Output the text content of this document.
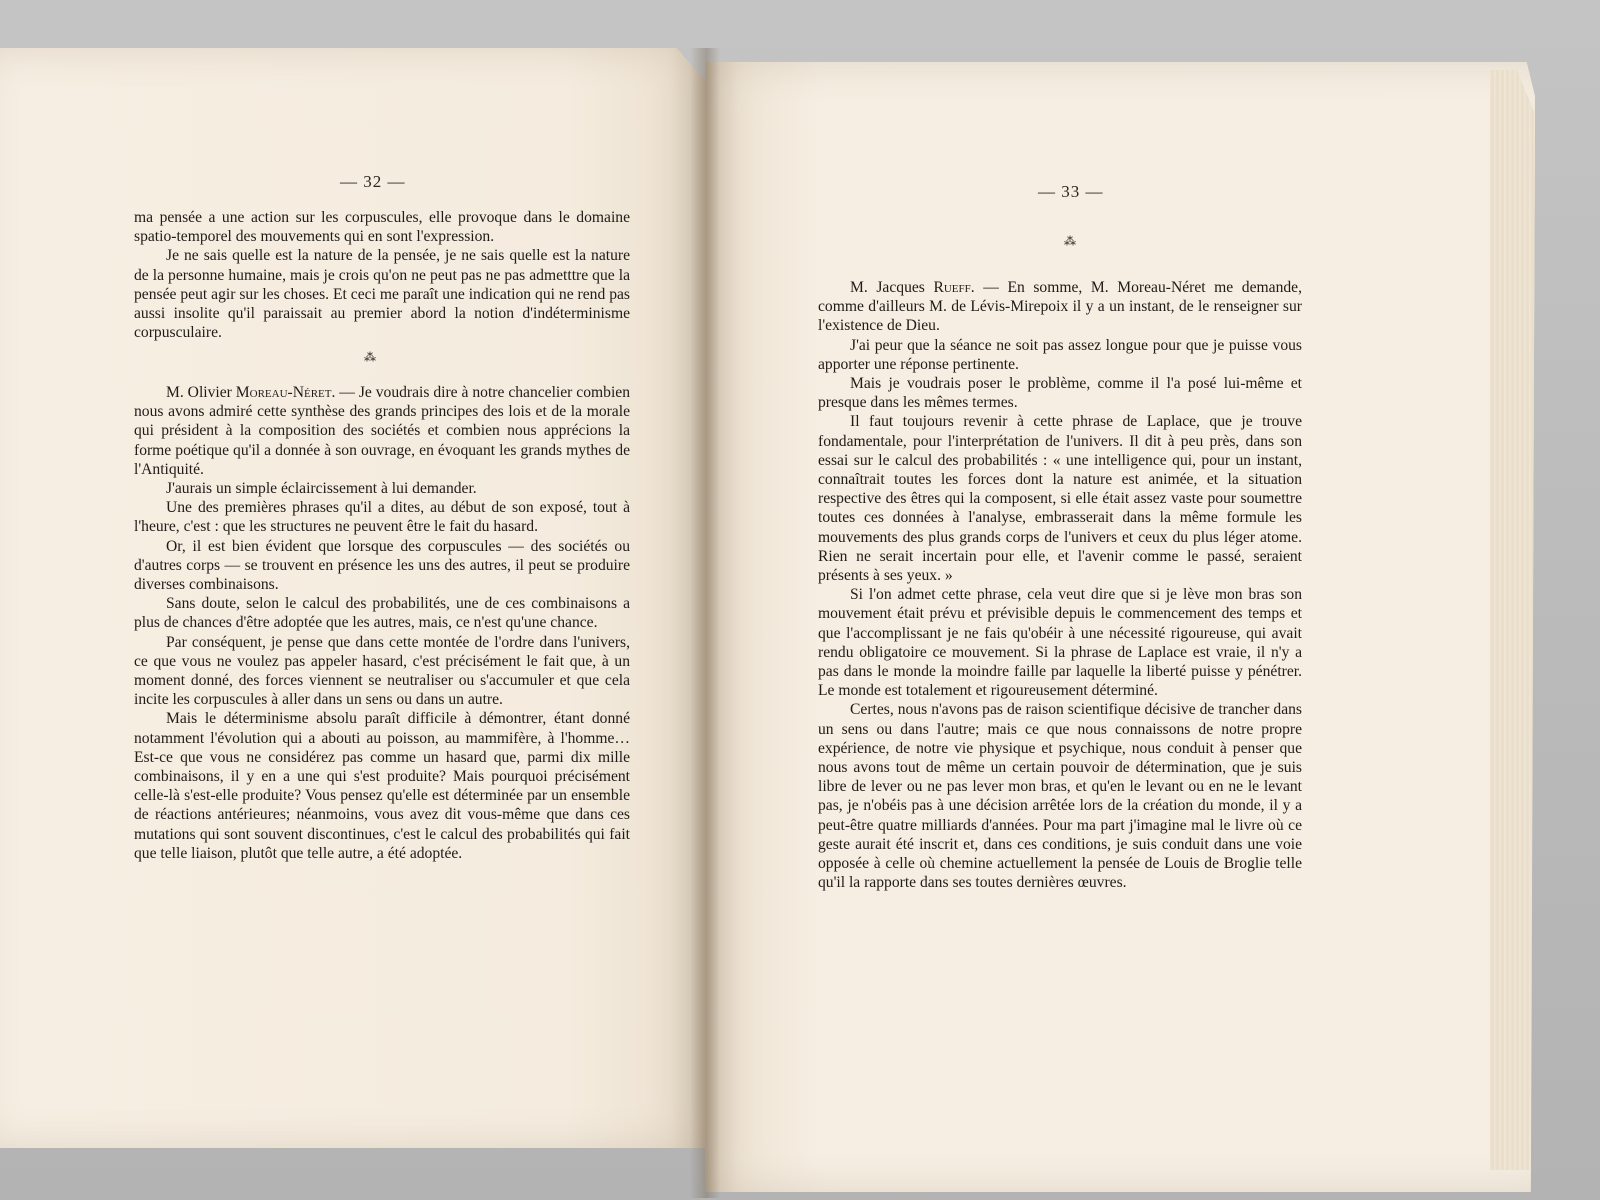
— 32 —

ma pensée a une action sur les corpuscules, elle provoque dans le domaine spatio-temporel des mouvements qui en sont l'expression.

Je ne sais quelle est la nature de la pensée, je ne sais quelle est la nature de la personne humaine, mais je crois qu'on ne peut pas ne pas admetttre que la pensée peut agir sur les choses. Et ceci me paraît une indication qui ne rend pas aussi insolite qu'il paraissait au premier abord la notion d'indéterminisme corpusculaire.

⁂

M. Olivier Moreau-Néret. — Je voudrais dire à notre chancelier combien nous avons admiré cette synthèse des grands principes des lois et de la morale qui président à la composition des sociétés et combien nous apprécions la forme poétique qu'il a donnée à son ouvrage, en évoquant les grands mythes de l'Antiquité.

J'aurais un simple éclaircissement à lui demander.

Une des premières phrases qu'il a dites, au début de son exposé, tout à l'heure, c'est : que les structures ne peuvent être le fait du hasard.

Or, il est bien évident que lorsque des corpuscules — des sociétés ou d'autres corps — se trouvent en présence les uns des autres, il peut se produire diverses combinaisons.

Sans doute, selon le calcul des probabilités, une de ces combinaisons a plus de chances d'être adoptée que les autres, mais, ce n'est qu'une chance.

Par conséquent, je pense que dans cette montée de l'ordre dans l'univers, ce que vous ne voulez pas appeler hasard, c'est précisément le fait que, à un moment donné, des forces viennent se neutraliser ou s'accumuler et que cela incite les corpuscules à aller dans un sens ou dans un autre.

Mais le déterminisme absolu paraît difficile à démontrer, étant donné notamment l'évolution qui a abouti au poisson, au mammifère, à l'homme… Est-ce que vous ne considérez pas comme un hasard que, parmi dix mille combinaisons, il y en a une qui s'est produite? Mais pourquoi précisément celle-là s'est-elle produite? Vous pensez qu'elle est déterminée par un ensemble de réactions antérieures; néanmoins, vous avez dit vous-même que dans ces mutations qui sont souvent discontinues, c'est le calcul des probabilités qui fait que telle liaison, plutôt que telle autre, a été adoptée.

— 33 —
⁂

M. Jacques Rueff. — En somme, M. Moreau-Néret me demande, comme d'ailleurs M. de Lévis-Mirepoix il y a un instant, de le renseigner sur l'existence de Dieu.

J'ai peur que la séance ne soit pas assez longue pour que je puisse vous apporter une réponse pertinente.

Mais je voudrais poser le problème, comme il l'a posé lui-même et presque dans les mêmes termes.

Il faut toujours revenir à cette phrase de Laplace, que je trouve fondamentale, pour l'interprétation de l'univers. Il dit à peu près, dans son essai sur le calcul des probabilités : « une intelligence qui, pour un instant, connaîtrait toutes les forces dont la nature est animée, et la situation respective des êtres qui la composent, si elle était assez vaste pour soumettre toutes ces données à l'analyse, embrasserait dans la même formule les mouvements des plus grands corps de l'univers et ceux du plus léger atome. Rien ne serait incertain pour elle, et l'avenir comme le passé, seraient présents à ses yeux. »

Si l'on admet cette phrase, cela veut dire que si je lève mon bras son mouvement était prévu et prévisible depuis le commencement des temps et que l'accomplissant je ne fais qu'obéir à une nécessité rigoureuse, qui avait rendu obligatoire ce mouvement. Si la phrase de Laplace est vraie, il n'y a pas dans le monde la moindre faille par laquelle la liberté puisse y pénétrer. Le monde est totalement et rigoureusement déterminé.

Certes, nous n'avons pas de raison scientifique décisive de trancher dans un sens ou dans l'autre; mais ce que nous connaissons de notre propre expérience, de notre vie physique et psychique, nous conduit à penser que nous avons tout de même un certain pouvoir de détermination, que je suis libre de lever ou ne pas lever mon bras, et qu'en le levant ou en ne le levant pas, je n'obéis pas à une décision arrêtée lors de la création du monde, il y a peut-être quatre milliards d'années. Pour ma part j'imagine mal le livre où ce geste aurait été inscrit et, dans ces conditions, je suis conduit dans une voie opposée à celle où chemine actuellement la pensée de Louis de Broglie telle qu'il la rapporte dans ses toutes dernières œuvres.
